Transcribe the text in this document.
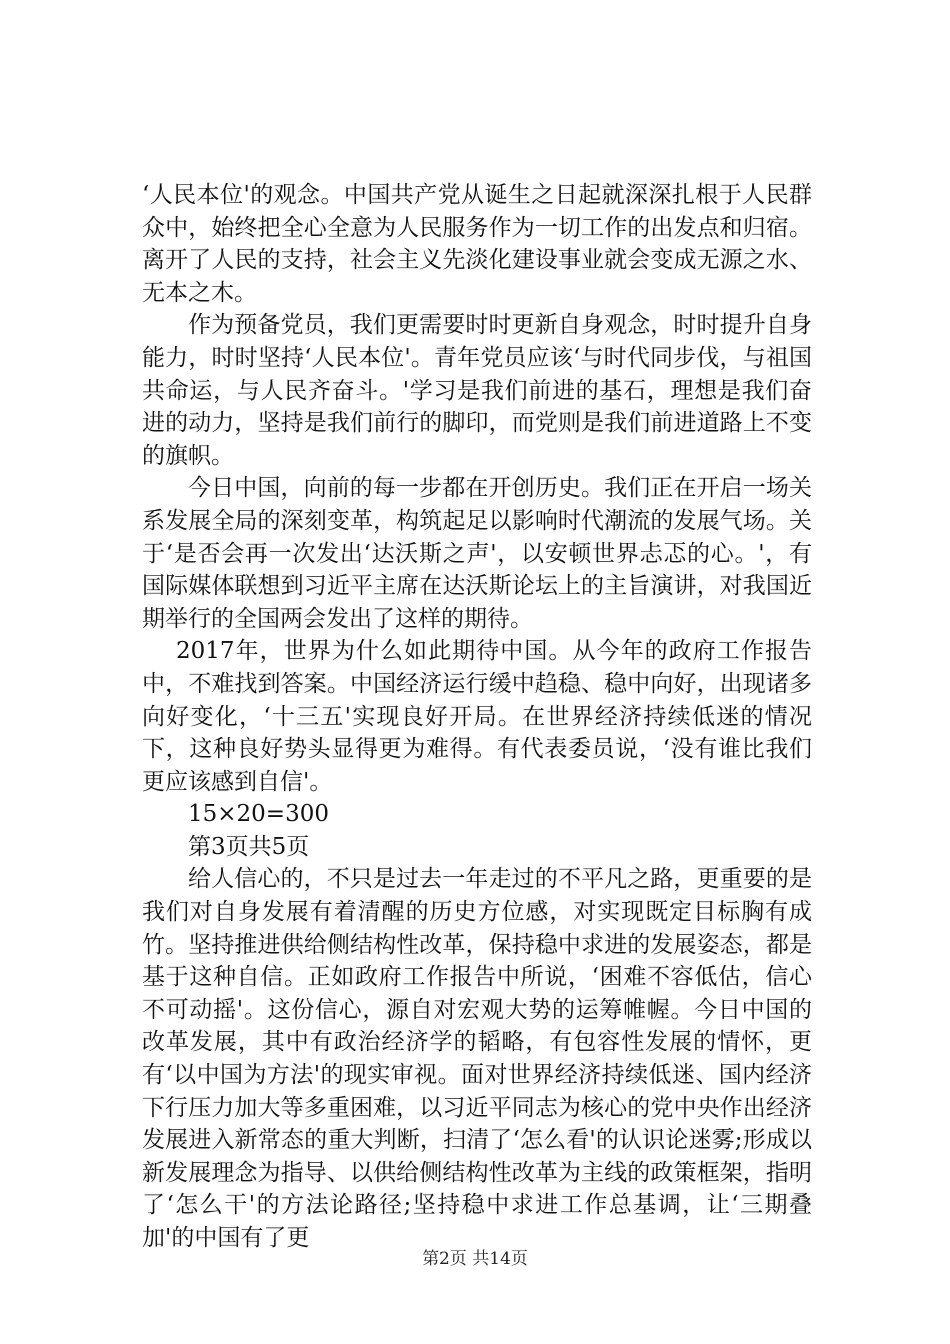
‘人民本位'的观念。中国共产党从诞生之日起就深深扎根于人民群众中，始终把全心全意为人民服务作为一切工作的出发点和归宿。离开了人民的支持，社会主义先淡化建设事业就会变成无源之水、无本之木。

作为预备党员，我们更需要时时更新自身观念，时时提升自身能力，时时坚持‘人民本位'。青年党员应该‘与时代同步伐，与祖国共命运，与人民齐奋斗。'学习是我们前进的基石，理想是我们奋进的动力，坚持是我们前行的脚印，而党则是我们前进道路上不变的旗帜。

今日中国，向前的每一步都在开创历史。我们正在开启一场关系发展全局的深刻变革，构筑起足以影响时代潮流的发展气场。关于‘是否会再一次发出‘达沃斯之声'，以安顿世界忐忑的心。'，有国际媒体联想到习近平主席在达沃斯论坛上的主旨演讲，对我国近期举行的全国两会发出了这样的期待。

2017年，世界为什么如此期待中国。从今年的政府工作报告中，不难找到答案。中国经济运行缓中趋稳、稳中向好，出现诸多向好变化，‘十三五'实现良好开局。在世界经济持续低迷的情况下，这种良好势头显得更为难得。有代表委员说，‘没有谁比我们更应该感到自信'。

15×20=300

第3页共5页

给人信心的，不只是过去一年走过的不平凡之路，更重要的是我们对自身发展有着清醒的历史方位感，对实现既定目标胸有成竹。坚持推进供给侧结构性改革，保持稳中求进的发展姿态，都是基于这种自信。正如政府工作报告中所说，‘困难不容低估，信心不可动摇'。这份信心，源自对宏观大势的运筹帷幄。今日中国的改革发展，其中有政治经济学的韬略，有包容性发展的情怀，更有‘以中国为方法'的现实审视。面对世界经济持续低迷、国内经济下行压力加大等多重困难，以习近平同志为核心的党中央作出经济发展进入新常态的重大判断，扫清了‘怎么看'的认识论迷雾;形成以新发展理念为指导、以供给侧结构性改革为主线的政策框架，指明了‘怎么干'的方法论路径;坚持稳中求进工作总基调，让‘三期叠加'的中国有了更

第2页 共14页
